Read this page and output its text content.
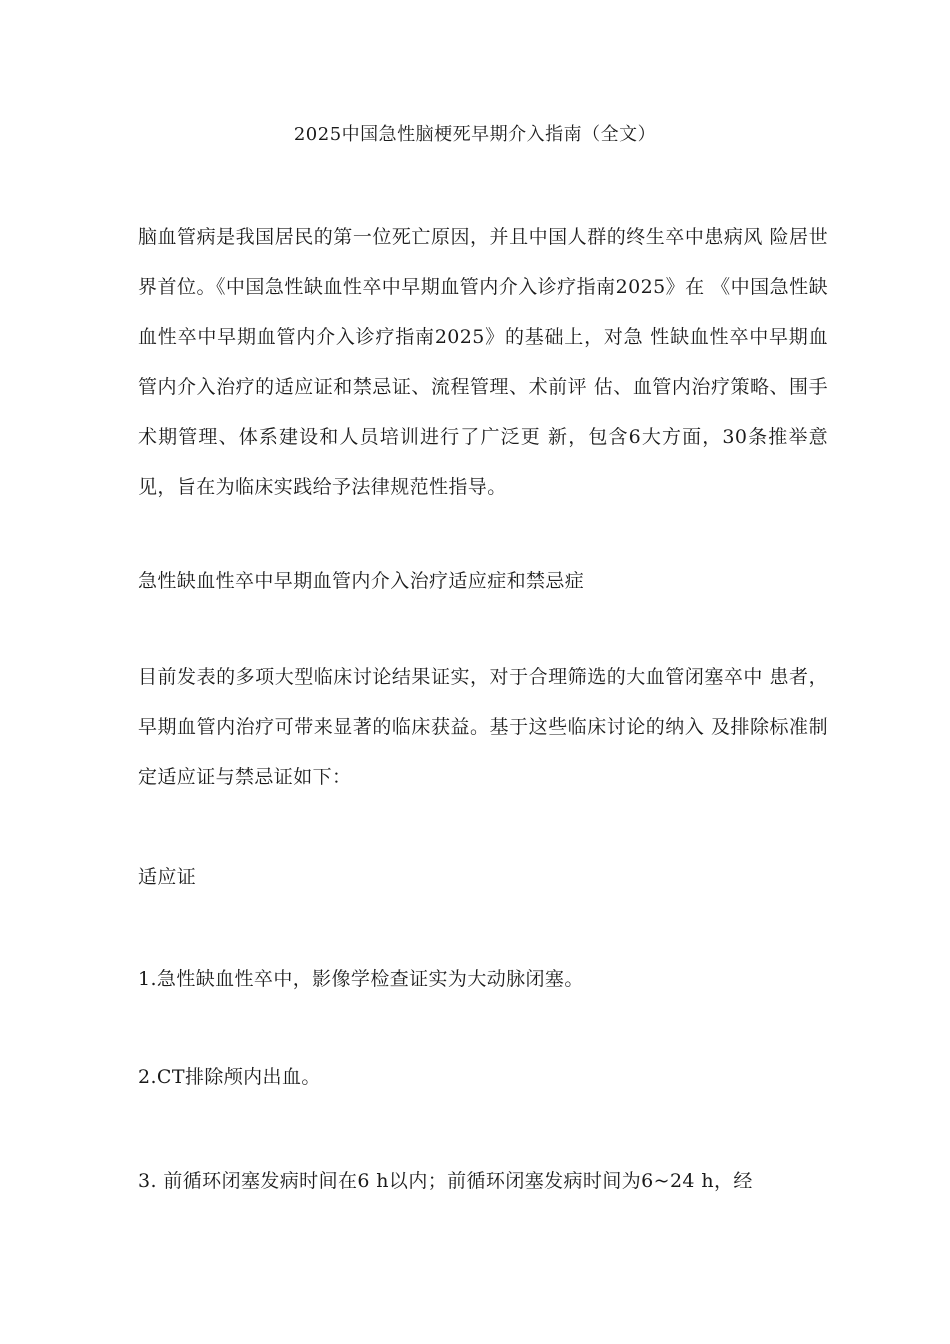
2025中国急性脑梗死早期介入指南（全文）
脑血管病是我国居民的第一位死亡原因，并且中国人群的终生卒中患病风 险居世界首位。《中国急性缺血性卒中早期血管内介入诊疗指南2025》在 《中国急性缺血性卒中早期血管内介入诊疗指南2025》的基础上，对急 性缺血性卒中早期血管内介入治疗的适应证和禁忌证、流程管理、术前评 估、血管内治疗策略、围手术期管理、体系建设和人员培训进行了广泛更 新，包含6大方面，30条推举意见，旨在为临床实践给予法律规范性指导。
急性缺血性卒中早期血管内介入治疗适应症和禁忌症
目前发表的多项大型临床讨论结果证实，对于合理筛选的大血管闭塞卒中 患者，早期血管内治疗可带来显著的临床获益。基于这些临床讨论的纳入 及排除标准制定适应证与禁忌证如下：
适应证
1.急性缺血性卒中，影像学检查证实为大动脉闭塞。
2.CT排除颅内出血。
3. 前循环闭塞发病时间在6 h以内；前循环闭塞发病时间为6~24 h，经
